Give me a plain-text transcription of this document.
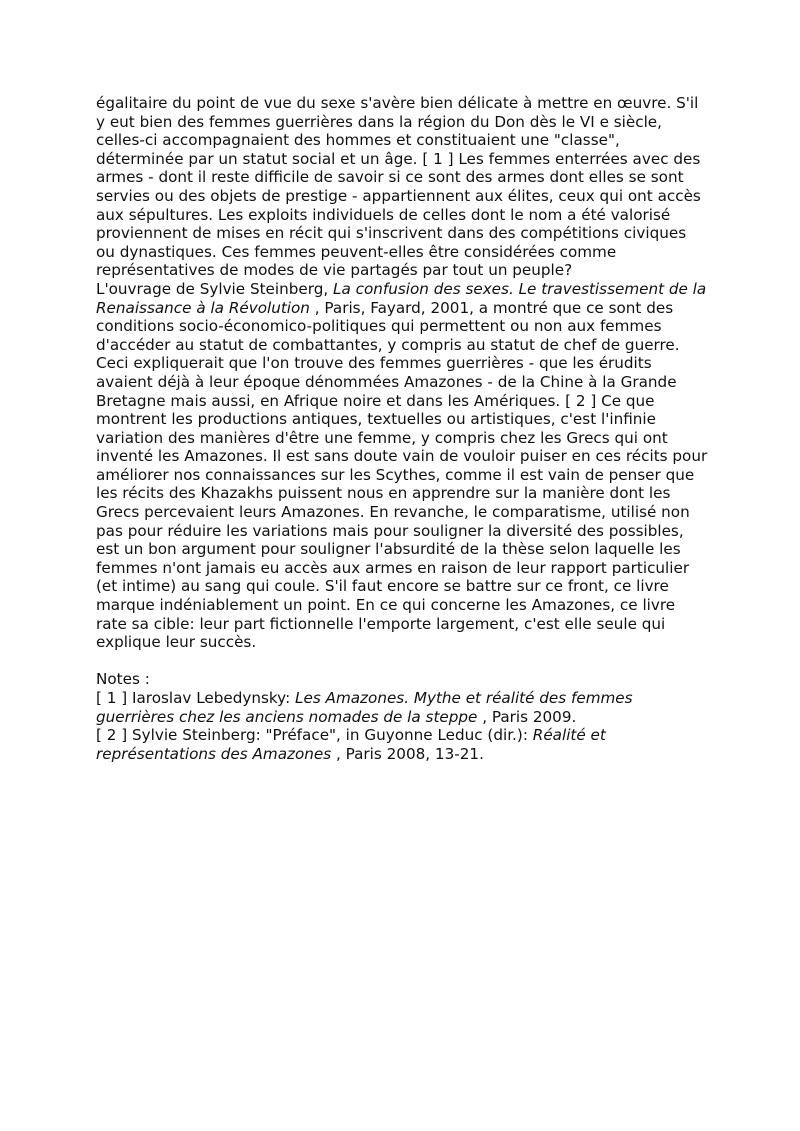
égalitaire du point de vue du sexe s'avère bien délicate à mettre en œuvre. S'il y eut bien des femmes guerrières dans la région du Don dès le VI e siècle, celles-ci accompagnaient des hommes et constituaient une "classe", déterminée par un statut social et un âge. [ 1 ] Les femmes enterrées avec des armes - dont il reste difficile de savoir si ce sont des armes dont elles se sont servies ou des objets de prestige - appartiennent aux élites, ceux qui ont accès aux sépultures. Les exploits individuels de celles dont le nom a été valorisé proviennent de mises en récit qui s'inscrivent dans des compétitions civiques ou dynastiques. Ces femmes peuvent-elles être considérées comme représentatives de modes de vie partagés par tout un peuple?

L'ouvrage de Sylvie Steinberg, La confusion des sexes. Le travestissement de la Renaissance à la Révolution , Paris, Fayard, 2001, a montré que ce sont des conditions socio-économico-politiques qui permettent ou non aux femmes d'accéder au statut de combattantes, y compris au statut de chef de guerre. Ceci expliquerait que l'on trouve des femmes guerrières - que les érudits avaient déjà à leur époque dénommées Amazones - de la Chine à la Grande Bretagne mais aussi, en Afrique noire et dans les Amériques. [ 2 ] Ce que montrent les productions antiques, textuelles ou artistiques, c'est l'infinie variation des manières d'être une femme, y compris chez les Grecs qui ont inventé les Amazones. Il est sans doute vain de vouloir puiser en ces récits pour améliorer nos connaissances sur les Scythes, comme il est vain de penser que les récits des Khazakhs puissent nous en apprendre sur la manière dont les Grecs percevaient leurs Amazones. En revanche, le comparatisme, utilisé non pas pour réduire les variations mais pour souligner la diversité des possibles, est un bon argument pour souligner l'absurdité de la thèse selon laquelle les femmes n'ont jamais eu accès aux armes en raison de leur rapport particulier (et intime) au sang qui coule. S'il faut encore se battre sur ce front, ce livre marque indéniablement un point. En ce qui concerne les Amazones, ce livre rate sa cible: leur part fictionnelle l'emporte largement, c'est elle seule qui explique leur succès.

Notes :

[ 1 ] Iaroslav Lebedynsky: Les Amazones. Mythe et réalité des femmes guerrières chez les anciens nomades de la steppe , Paris 2009.

[ 2 ] Sylvie Steinberg: "Préface", in Guyonne Leduc (dir.): Réalité et représentations des Amazones , Paris 2008, 13-21.
